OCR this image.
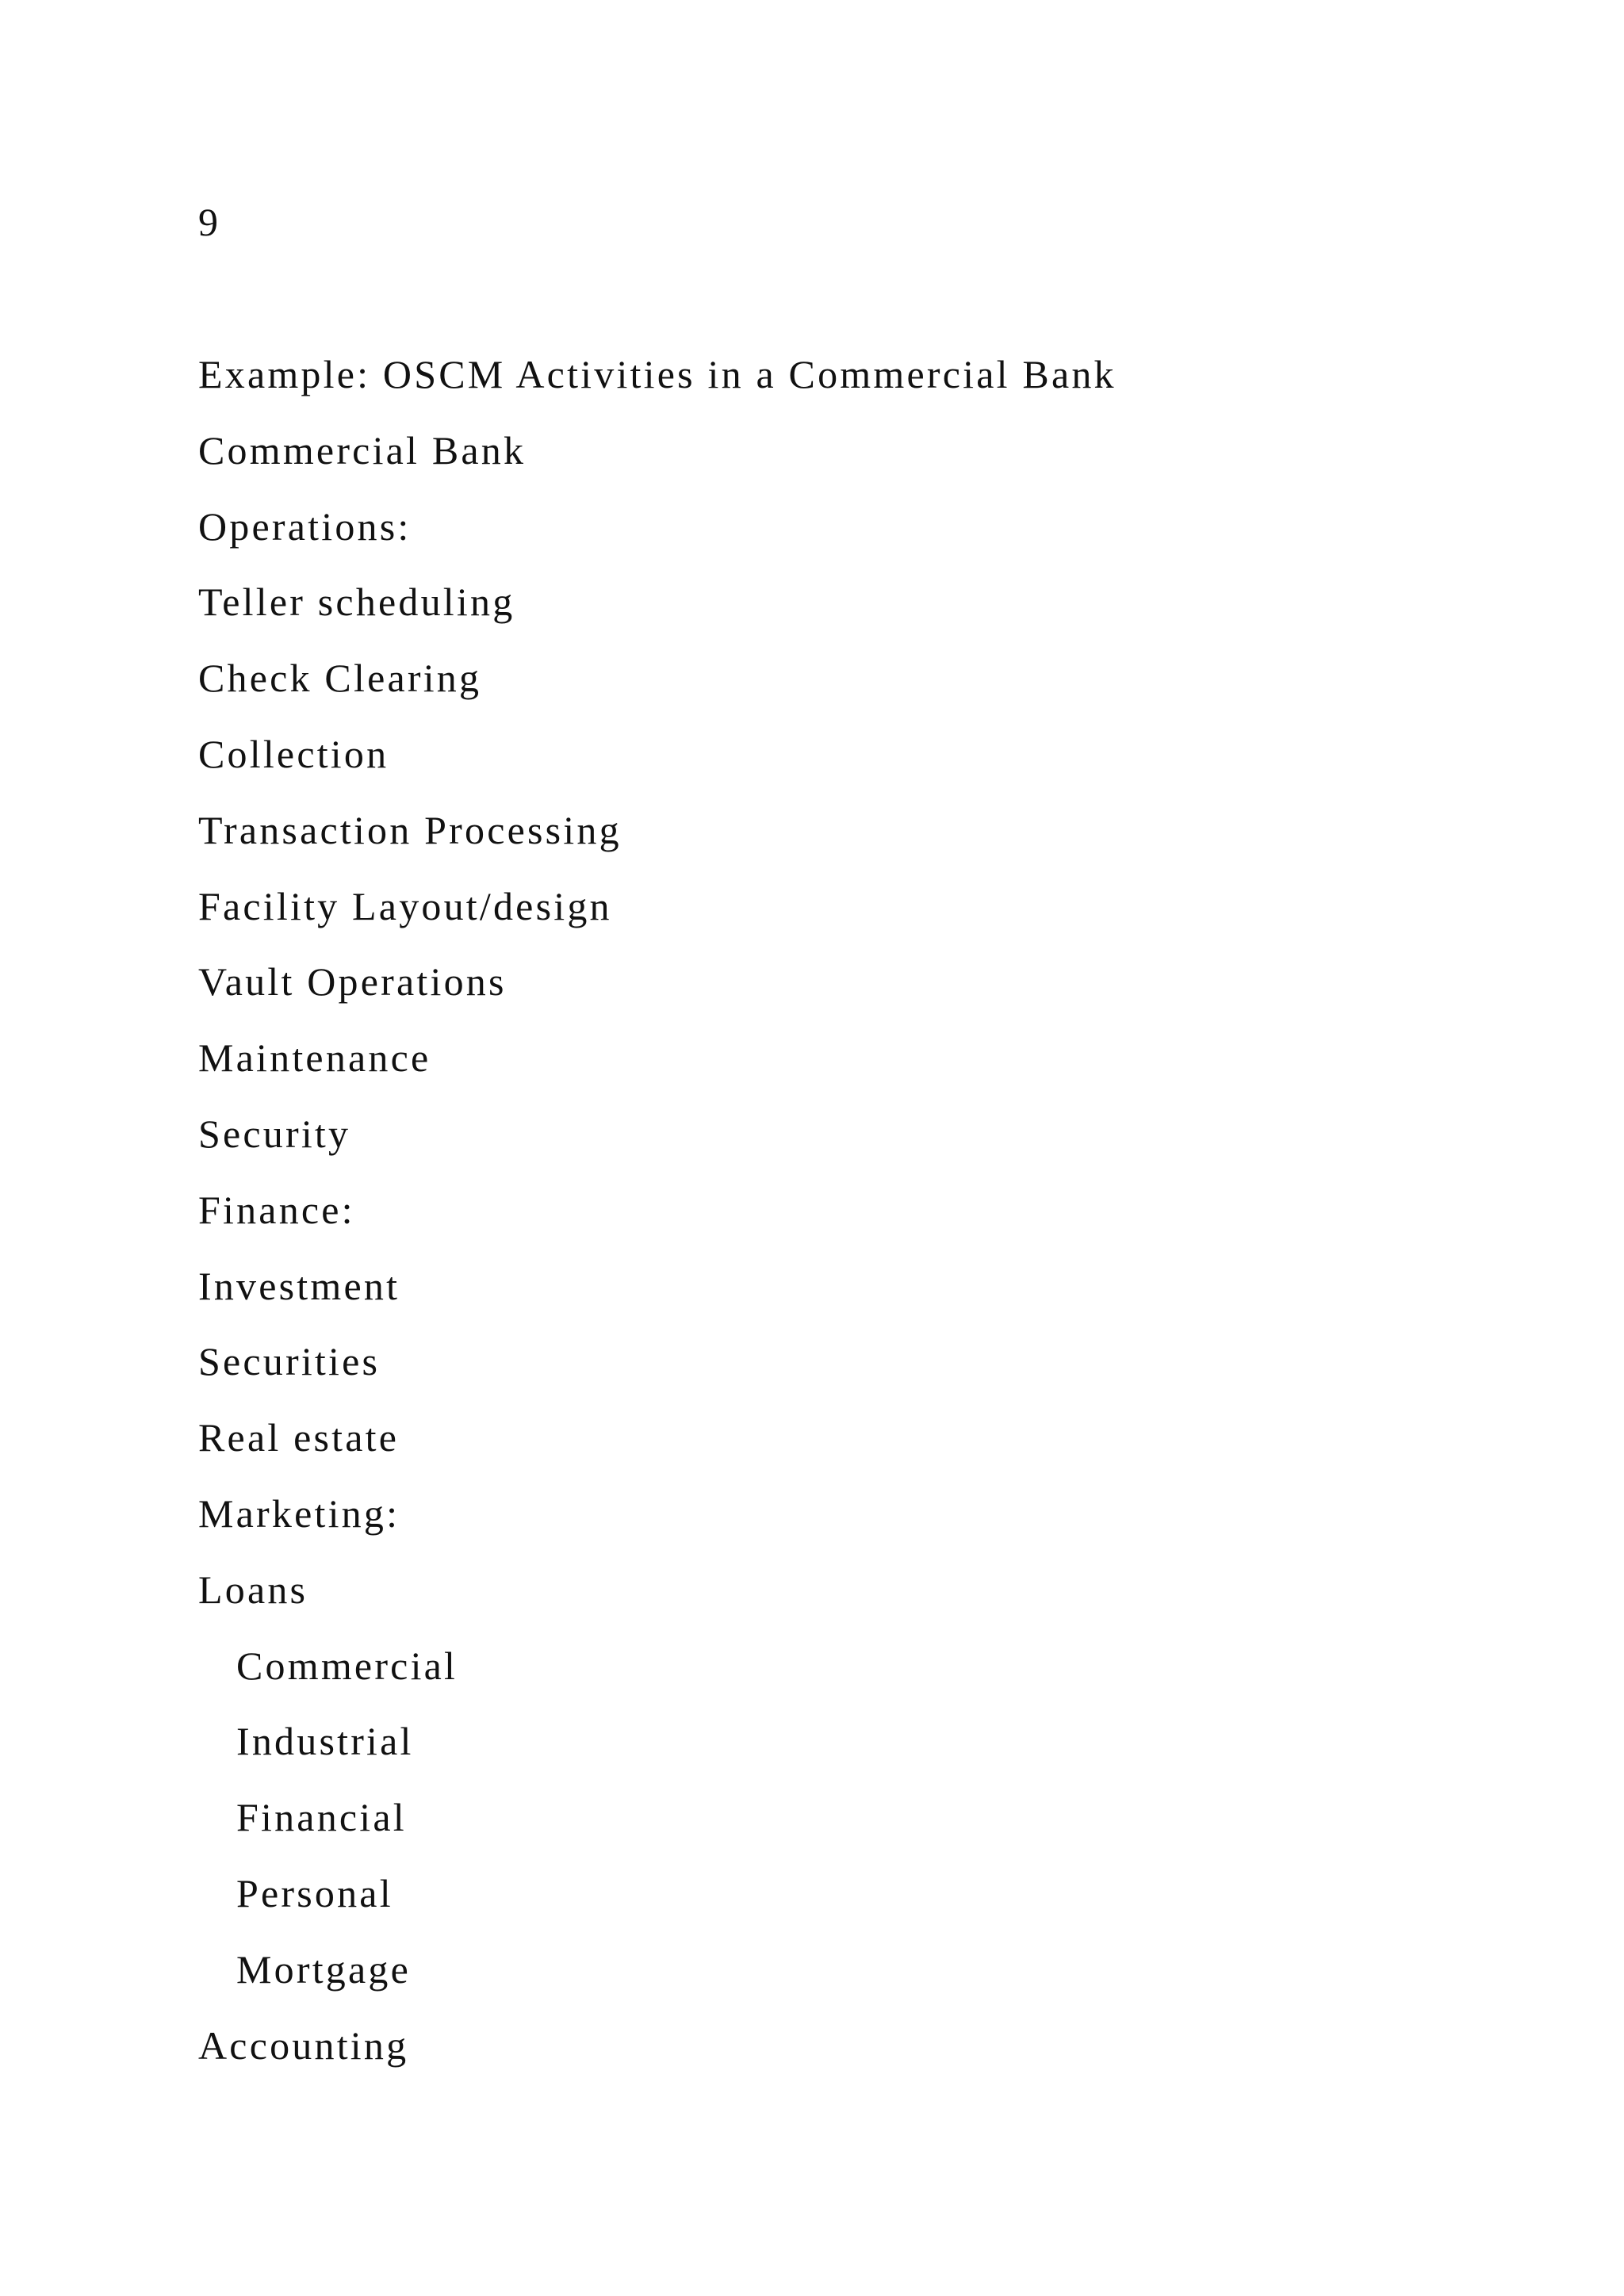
9
Example: OSCM Activities in a Commercial Bank
Commercial Bank
Operations:
Teller scheduling
Check Clearing
Collection
Transaction Processing
Facility Layout/design
Vault Operations
Maintenance
Security
Finance:
Investment
Securities
Real estate
Marketing:
Loans
Commercial
Industrial
Financial
Personal
Mortgage
Accounting
